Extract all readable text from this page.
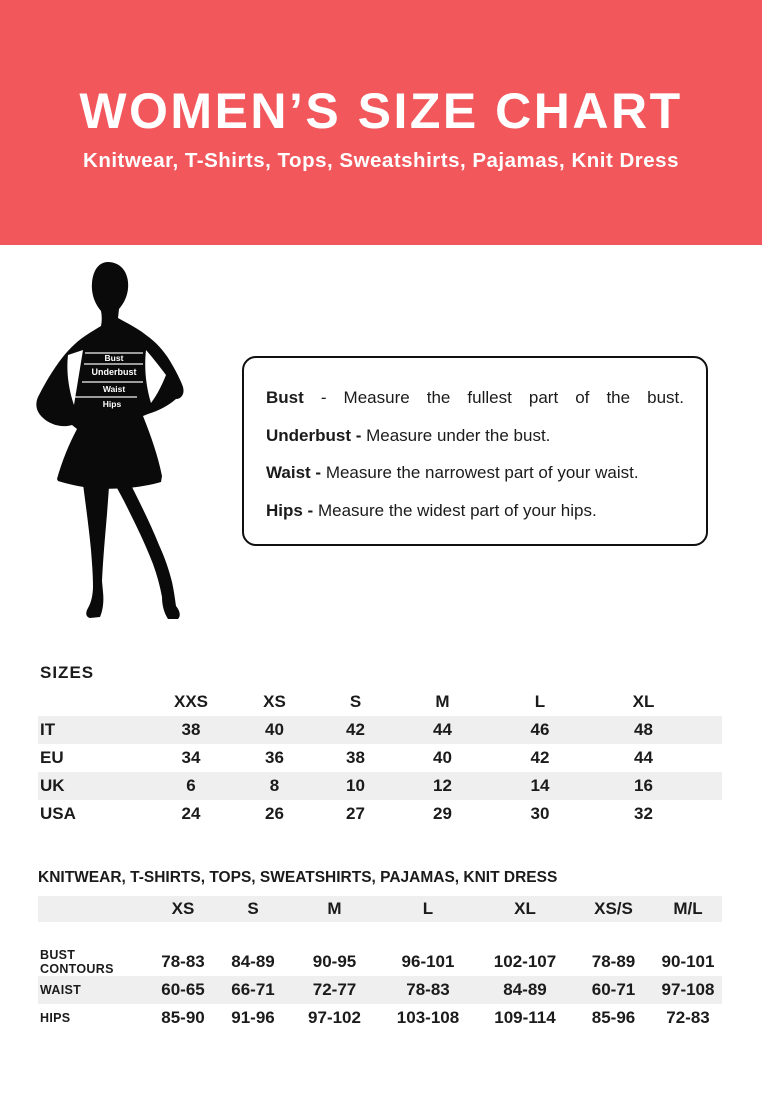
WOMEN’S SIZE CHART

Knitwear, T-Shirts, Tops, Sweatshirts, Pajamas, Knit Dress

Bust
Underbust
Waist
Hips	Bust - Measure the fullest part of the bust.

Underbust - Measure under the bust.

Waist - Measure the narrowest part of your waist.

Hips - Measure the widest part of your hips.

SIZES
	XXS	XS	S	M	L	XL
IT	38	40	42	44	46	48
EU	34	36	38	40	42	44
UK	6	8	10	12	14	16
USA	24	26	27	29	30	32
KNITWEAR, T-SHIRTS, TOPS, SWEATSHIRTS, PAJAMAS, KNIT DRESS
	XS	S	M	L	XL	XS/S	M/L

BUST CONTOURS	78-83	84-89	90-95	96-101	102-107	78-89	90-101
WAIST	60-65	66-71	72-77	78-83	84-89	60-71	97-108
HIPS	85-90	91-96	97-102	103-108	109-114	85-96	72-83
